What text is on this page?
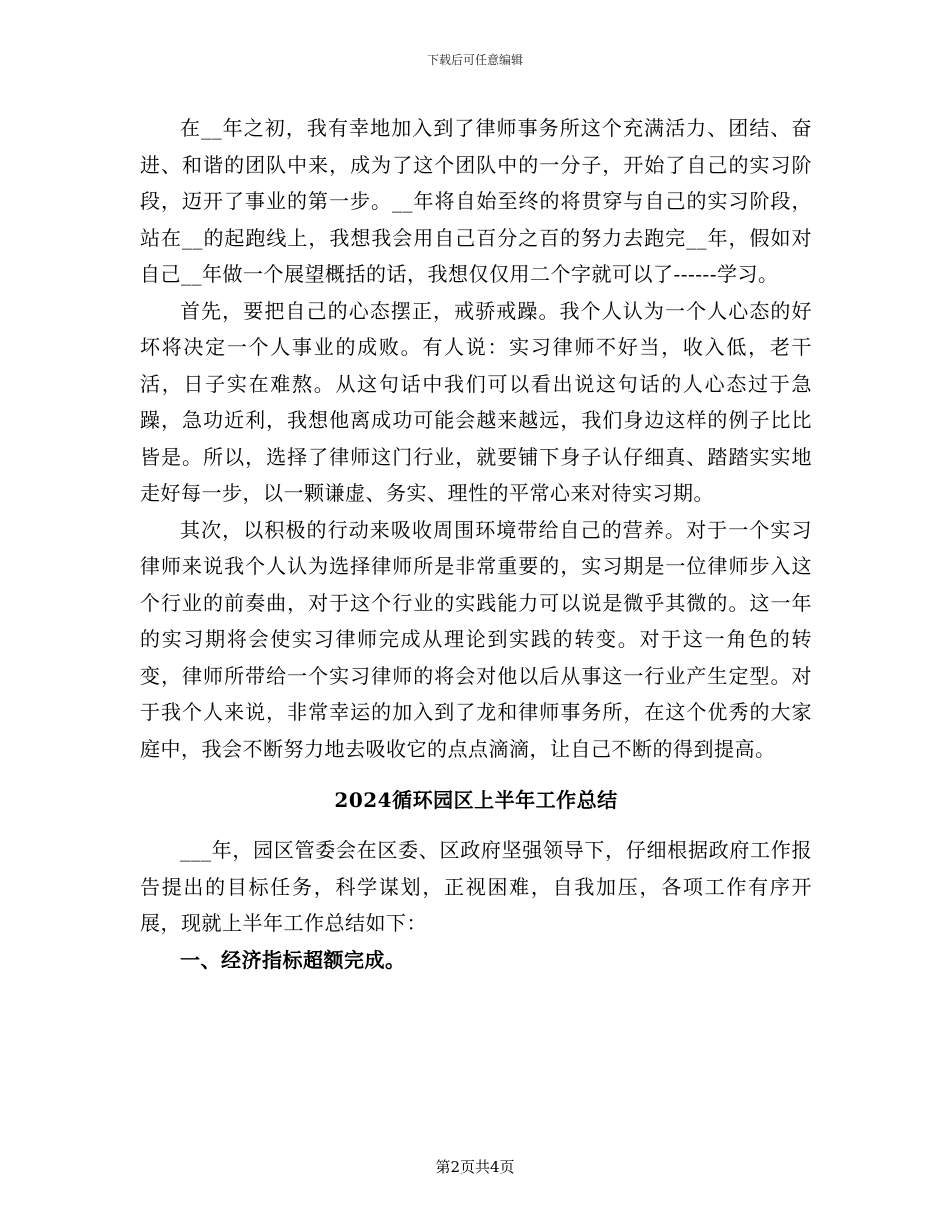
下载后可任意编辑

在__年之初，我有幸地加入到了律师事务所这个充满活力、团结、奋进、和谐的团队中来，成为了这个团队中的一分子，开始了自己的实习阶段，迈开了事业的第一步。__年将自始至终的将贯穿与自己的实习阶段，站在__的起跑线上，我想我会用自己百分之百的努力去跑完__年，假如对自己__年做一个展望概括的话，我想仅仅用二个字就可以了------学习。

首先，要把自己的心态摆正，戒骄戒躁。我个人认为一个人心态的好坏将决定一个人事业的成败。有人说：实习律师不好当，收入低，老干活，日子实在难熬。从这句话中我们可以看出说这句话的人心态过于急躁，急功近利，我想他离成功可能会越来越远，我们身边这样的例子比比皆是。所以，选择了律师这门行业，就要铺下身子认仔细真、踏踏实实地走好每一步，以一颗谦虚、务实、理性的平常心来对待实习期。

其次，以积极的行动来吸收周围环境带给自己的营养。对于一个实习律师来说我个人认为选择律师所是非常重要的，实习期是一位律师步入这个行业的前奏曲，对于这个行业的实践能力可以说是微乎其微的。这一年的实习期将会使实习律师完成从理论到实践的转变。对于这一角色的转变，律师所带给一个实习律师的将会对他以后从事这一行业产生定型。对于我个人来说，非常幸运的加入到了龙和律师事务所，在这个优秀的大家庭中，我会不断努力地去吸收它的点点滴滴，让自己不断的得到提高。

2024循环园区上半年工作总结

___年，园区管委会在区委、区政府坚强领导下，仔细根据政府工作报告提出的目标任务，科学谋划，正视困难，自我加压，各项工作有序开展，现就上半年工作总结如下：

一、经济指标超额完成。

第2页共4页
